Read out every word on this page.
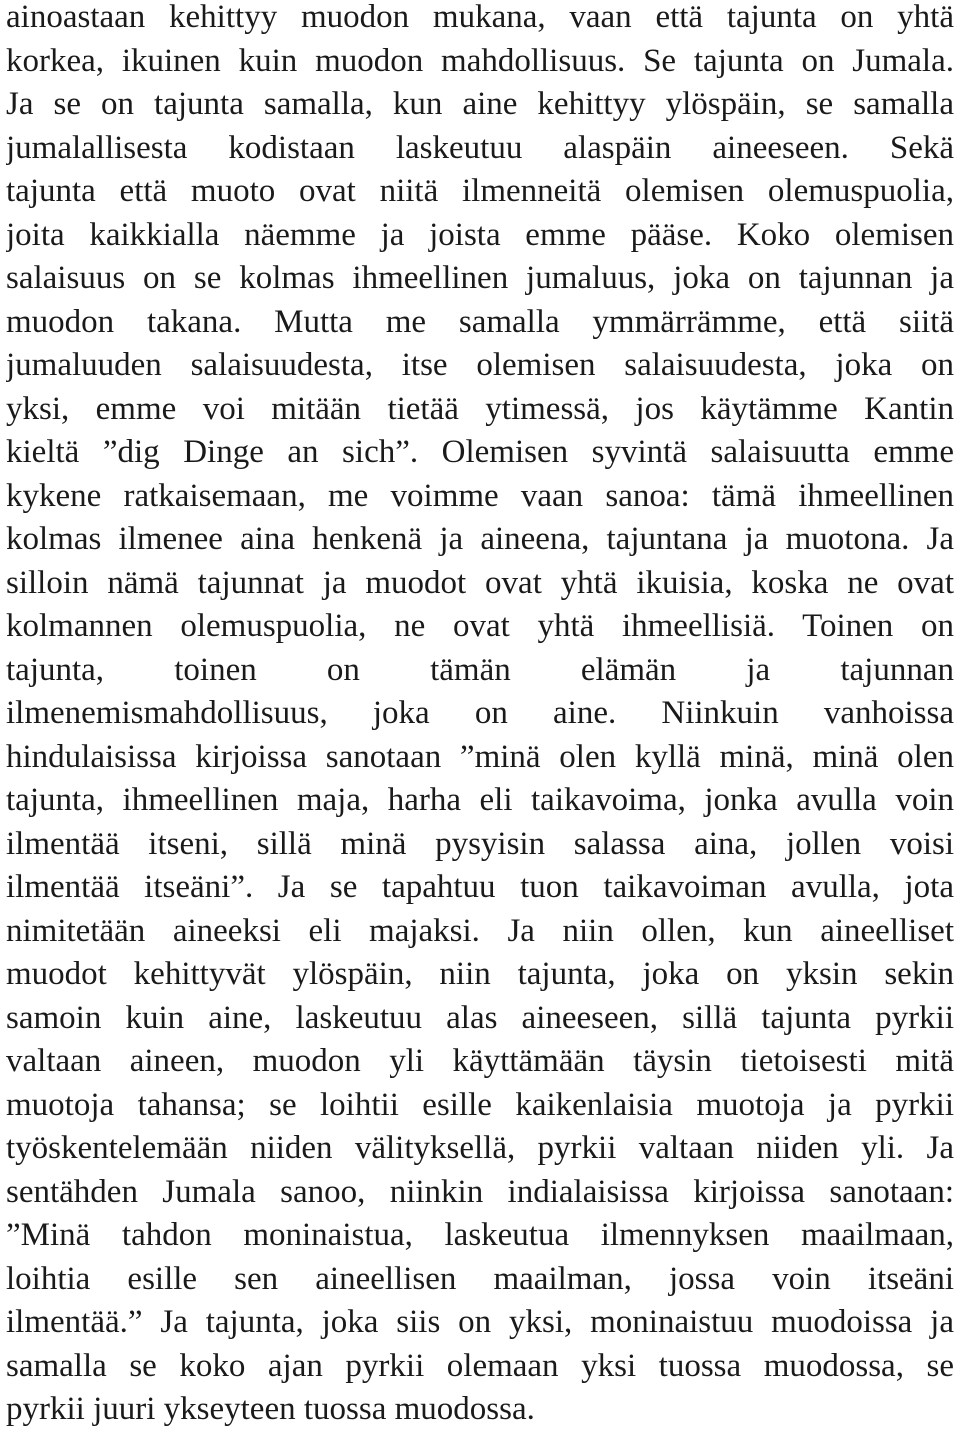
ainoastaan kehittyy muodon mukana, vaan että tajunta on yhtä
korkea, ikuinen kuin muodon mahdollisuus. Se tajunta on Jumala.
Ja se on tajunta samalla, kun aine kehittyy ylöspäin, se samalla
jumalallisesta kodistaan laskeutuu alaspäin aineeseen. Sekä
tajunta että muoto ovat niitä ilmenneitä olemisen olemuspuolia,
joita kaikkialla näemme ja joista emme pääse. Koko olemisen
salaisuus on se kolmas ihmeellinen jumaluus, joka on tajunnan ja
muodon takana. Mutta me samalla ymmärrämme, että siitä
jumaluuden salaisuudesta, itse olemisen salaisuudesta, joka on
yksi, emme voi mitään tietää ytimessä, jos käytämme Kantin
kieltä ”dig Dinge an sich”. Olemisen syvintä salaisuutta emme
kykene ratkaisemaan, me voimme vaan sanoa: tämä ihmeellinen
kolmas ilmenee aina henkenä ja aineena, tajuntana ja muotona. Ja
silloin nämä tajunnat ja muodot ovat yhtä ikuisia, koska ne ovat
kolmannen olemuspuolia, ne ovat yhtä ihmeellisiä. Toinen on
tajunta, toinen on tämän elämän ja tajunnan
ilmenemismahdollisuus, joka on aine. Niinkuin vanhoissa
hindulaisissa kirjoissa sanotaan ”minä olen kyllä minä, minä olen
tajunta, ihmeellinen maja, harha eli taikavoima, jonka avulla voin
ilmentää itseni, sillä minä pysyisin salassa aina, jollen voisi
ilmentää itseäni”. Ja se tapahtuu tuon taikavoiman avulla, jota
nimitetään aineeksi eli majaksi. Ja niin ollen, kun aineelliset
muodot kehittyvät ylöspäin, niin tajunta, joka on yksin sekin
samoin kuin aine, laskeutuu alas aineeseen, sillä tajunta pyrkii
valtaan aineen, muodon yli käyttämään täysin tietoisesti mitä
muotoja tahansa; se loihtii esille kaikenlaisia muotoja ja pyrkii
työskentelemään niiden välityksellä, pyrkii valtaan niiden yli. Ja
sentähden Jumala sanoo, niinkin indialaisissa kirjoissa sanotaan:
”Minä tahdon moninaistua, laskeutua ilmennyksen maailmaan,
loihtia esille sen aineellisen maailman, jossa voin itseäni
ilmentää.” Ja tajunta, joka siis on yksi, moninaistuu muodoissa ja
samalla se koko ajan pyrkii olemaan yksi tuossa muodossa, se
pyrkii juuri ykseyteen tuossa muodossa.
